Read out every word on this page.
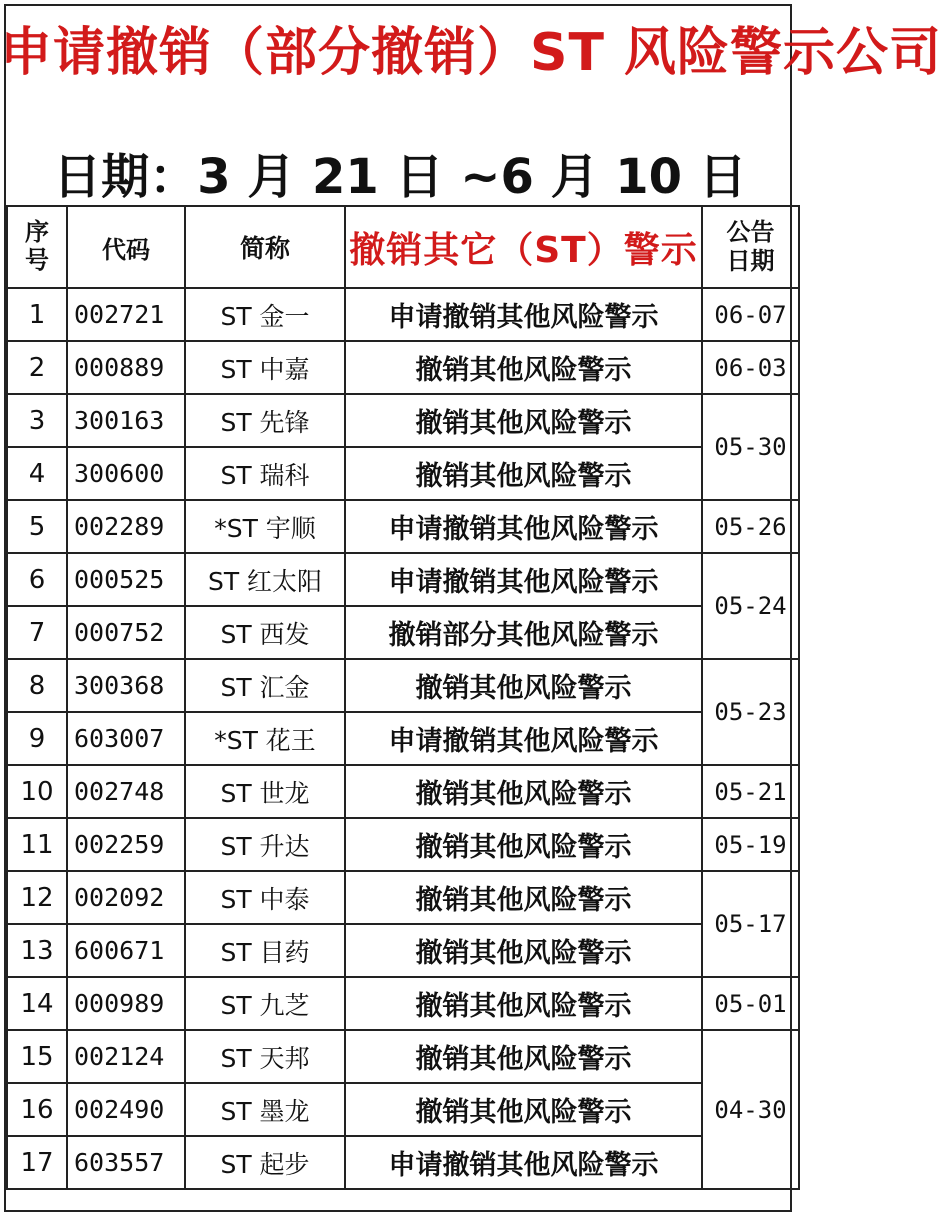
申请撤销（部分撤销）ST 风险警示公司
日期：3 月 21 日 ~6 月 10 日
序号	代码	简称	撤销其它（ST）警示	公告日期
1	002721	ST 金一	申请撤销其他风险警示	06-07
2	000889	ST 中嘉	撤销其他风险警示	06-03
3	300163	ST 先锋	撤销其他风险警示	05-30
4	300600	ST 瑞科	撤销其他风险警示	
5	002289	*ST 宇顺	申请撤销其他风险警示	05-26
6	000525	ST 红太阳	申请撤销其他风险警示	05-24
7	000752	ST 西发	撤销部分其他风险警示	
8	300368	ST 汇金	撤销其他风险警示	05-23
9	603007	*ST 花王	申请撤销其他风险警示	
10	002748	ST 世龙	撤销其他风险警示	05-21
11	002259	ST 升达	撤销其他风险警示	05-19
12	002092	ST 中泰	撤销其他风险警示	05-17
13	600671	ST 目药	撤销其他风险警示	
14	000989	ST 九芝	撤销其他风险警示	05-01
15	002124	ST 天邦	撤销其他风险警示	04-30
16	002490	ST 墨龙	撤销其他风险警示	
17	603557	ST 起步	申请撤销其他风险警示	
